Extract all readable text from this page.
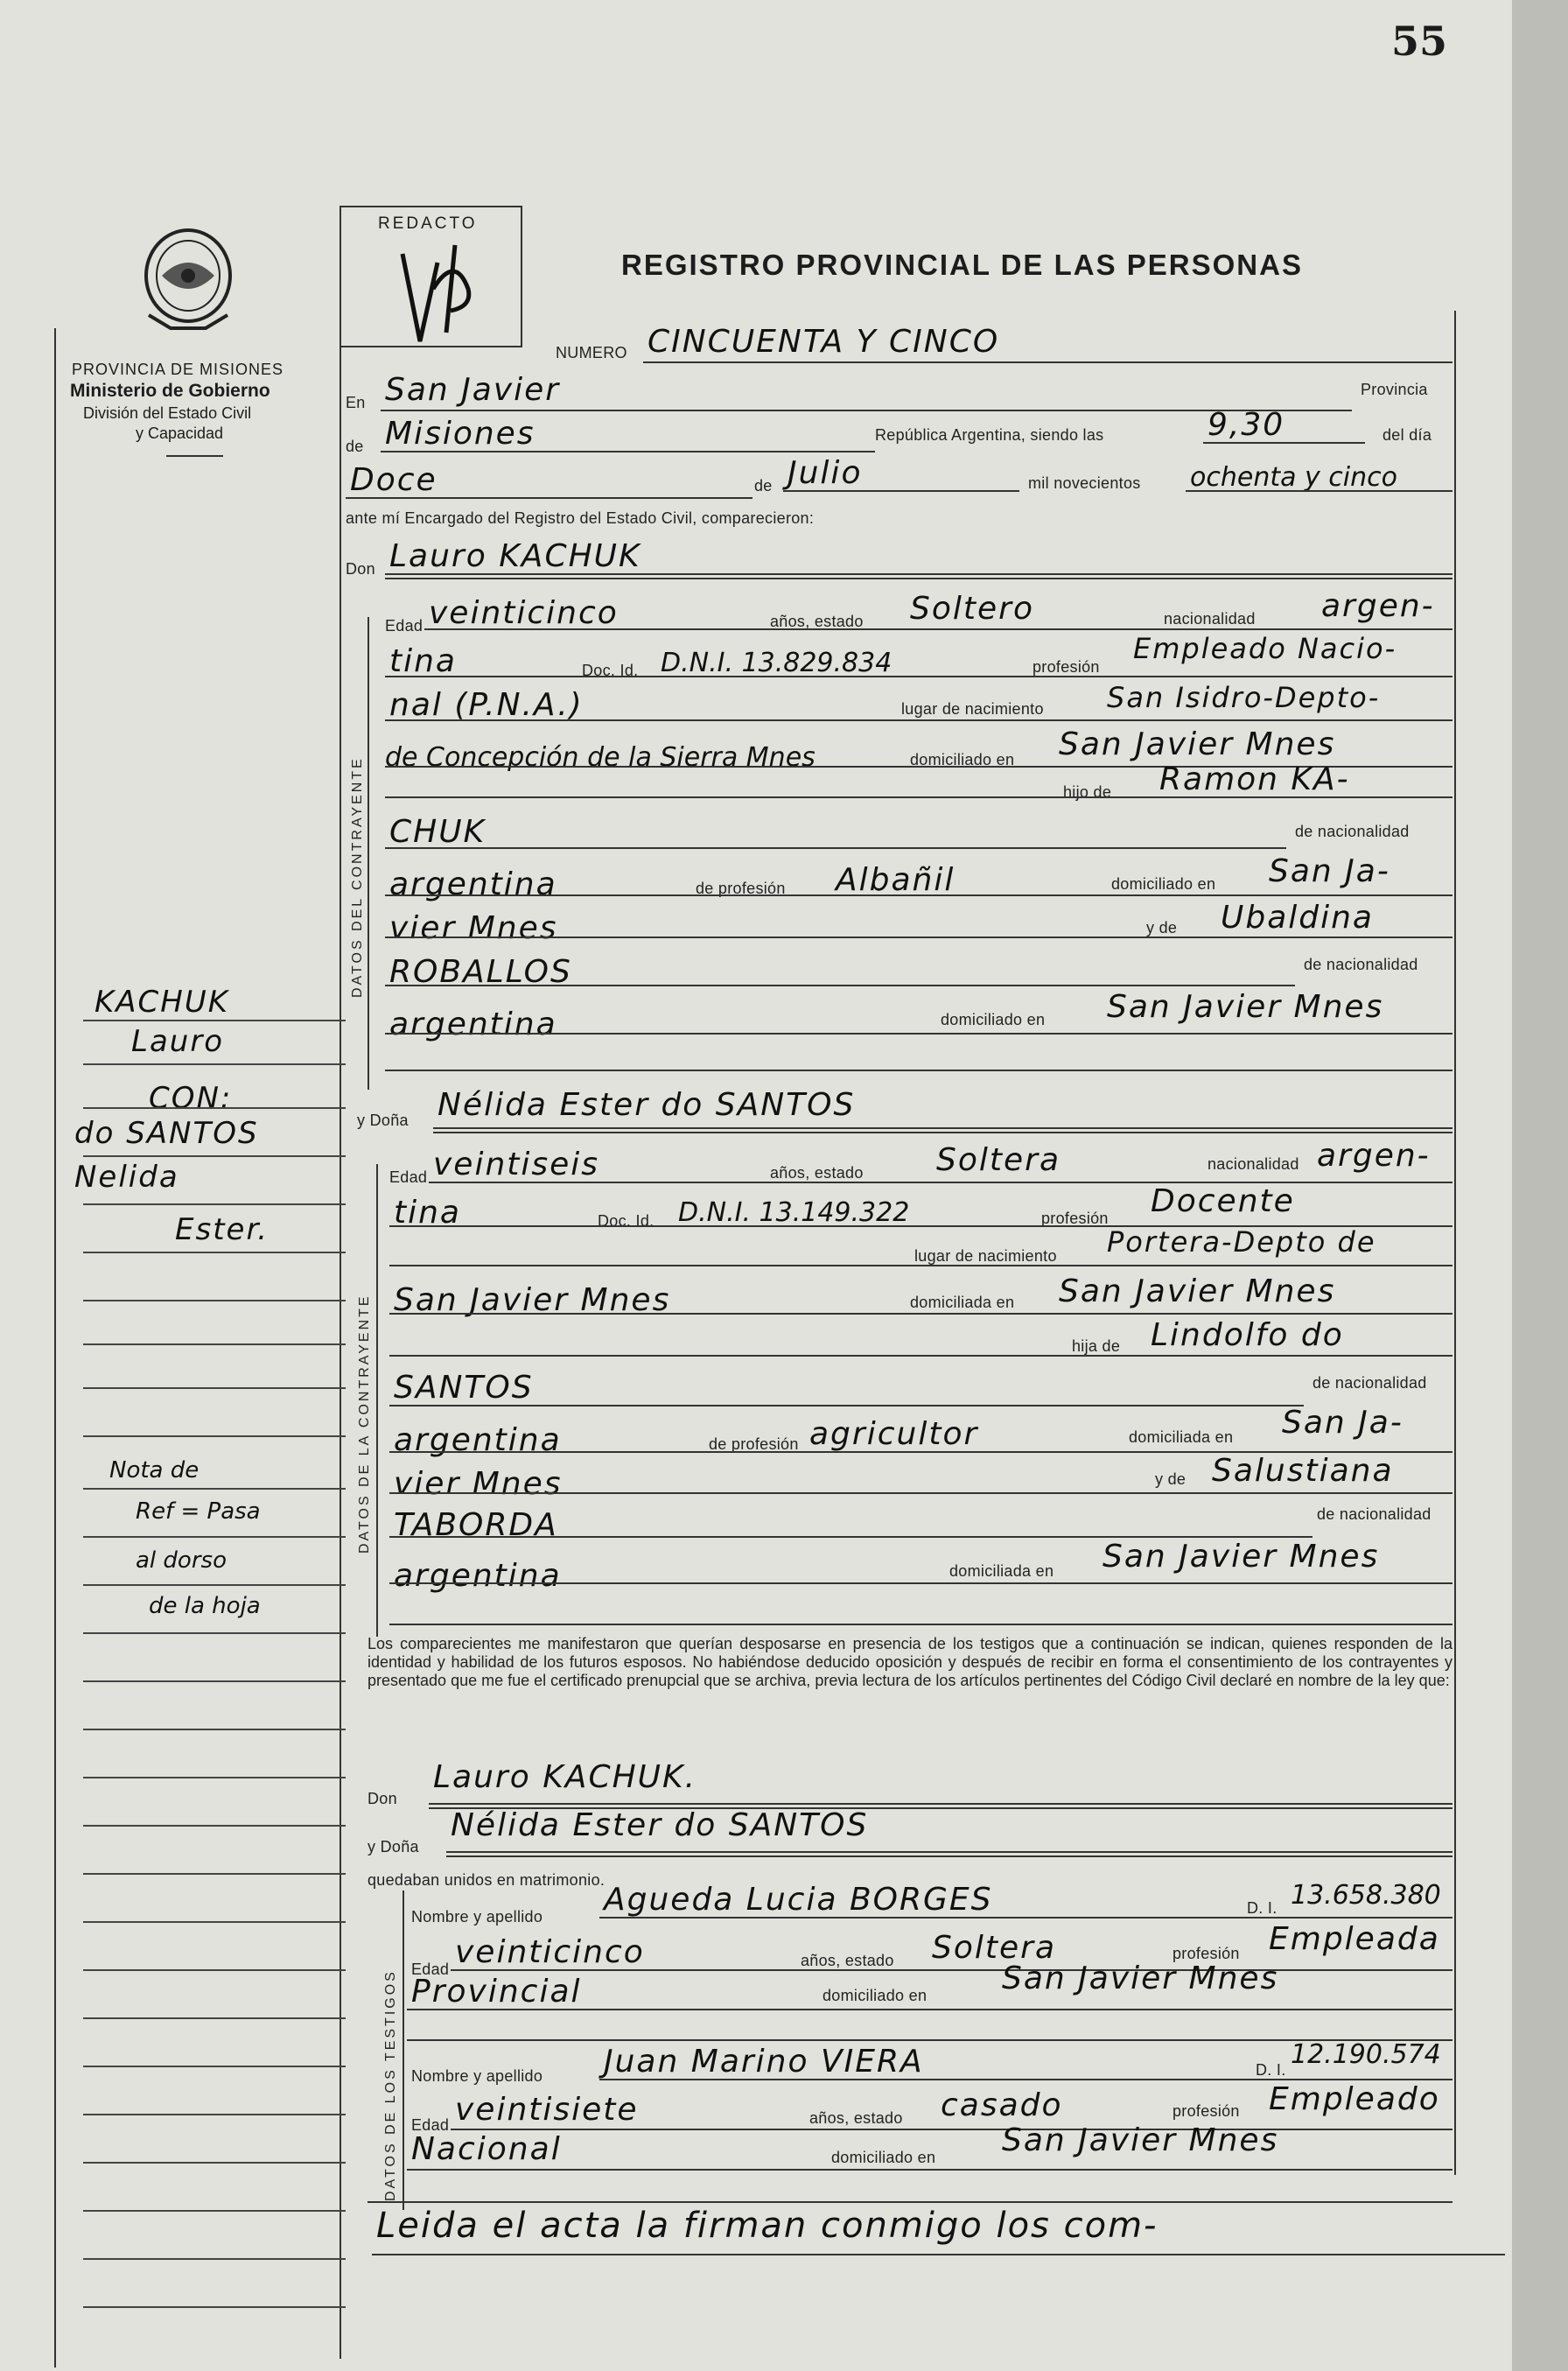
55
PROVINCIA DE MISIONES
Ministerio de Gobierno
División del Estado Civil
y Capacidad
REDACTO
REGISTRO PROVINCIAL DE LAS PERSONAS
NUMERO CINCUENTA Y CINCO
En San Javier	Provincia
de Misiones	República Argentina, siendo las	9,30	del día
Doce	de Julio	mil novecientos ochenta y cinco
ante mí Encargado del Registro del Estado Civil, comparecieron:
Don Lauro KACHUK
DATOS DEL CONTRAYENTE
Edad veinticinco	años, estado Soltero	nacionalidad argen-
tina	Doc. Id. D.N.I. 13.829.834	profesión
Empleado Nacio-
nal (P.N.A.)	lugar de nacimiento San Isidro-Depto-
de Concepción de la Sierra Mnes	domiciliado en San Javier Mnes
hijo de Ramon KA-
CHUK	de nacionalidad
argentina	de profesión Albañil	domiciliado en San Ja-
vier Mnes	y de Ubaldina
ROBALLOS	de nacionalidad
argentina	domiciliado en San Javier Mnes
y Doña Nélida Ester do SANTOS
DATOS DE LA CONTRAYENTE
Edad veintiseis	años, estado Soltera	nacionalidad argen-
tina	Doc. Id. D.N.I. 13.149.322	profesión Docente
lugar de nacimiento Portera-Depto de
San Javier Mnes	domiciliada en San Javier Mnes
hija de Lindolfo do
SANTOS	de nacionalidad
argentina	de profesión agricultor	domiciliada en San Ja-
vier Mnes	y de Salustiana
TABORDA	de nacionalidad
argentina	domiciliada en San Javier Mnes
Los comparecientes me manifestaron que querían desposarse en presencia de los testigos que a continuación se indican, quienes responden de la identidad y habilidad de los futuros esposos. No habiéndose deducido oposición y después de recibir en forma el consentimiento de los contrayentes y presentado que me fue el certificado prenupcial que se archiva, previa lectura de los artículos pertinentes del Código Civil declaré en nombre de la ley que:
Don
Lauro KACHUK.
y Doña
Nélida Ester do SANTOS
quedaban unidos en matrimonio.
DATOS DE LOS TESTIGOS
Nombre y apellido Agueda Lucia BORGES	D. I. 13.658.380
Edad veinticinco	años, estado Soltera	profesión Empleada
Provincial	domiciliado en San Javier Mnes
Nombre y apellido Juan Marino VIERA	D. I. 12.190.574
Edad veintisiete	años, estado casado	profesión Empleado
Nacional	domiciliado en San Javier Mnes
Leida el acta la firman conmigo los com-
KACHUK
Lauro
CON:
do SANTOS
Nelida
Ester.
Nota de
Ref = Pasa
al dorso
de la hoja
